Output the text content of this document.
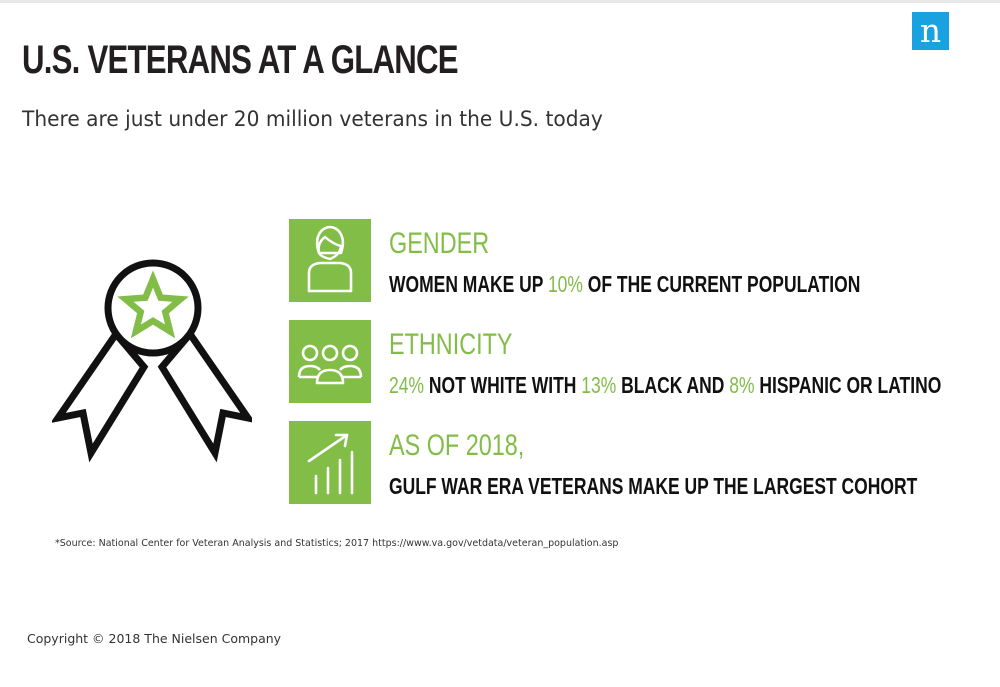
n
U.S. VETERANS AT A GLANCE

There are just under 20 million veterans in the U.S. today

GENDER
WOMEN MAKE UP 10% OF THE CURRENT POPULATION
ETHNICITY
24% NOT WHITE WITH 13% BLACK AND 8% HISPANIC OR LATINO
AS OF 2018,
GULF WAR ERA VETERANS MAKE UP THE LARGEST COHORT

*Source: National Center for Veteran Analysis and Statistics; 2017 https://www.va.gov/vetdata/veteran_population.asp

Copyright © 2018 The Nielsen Company
